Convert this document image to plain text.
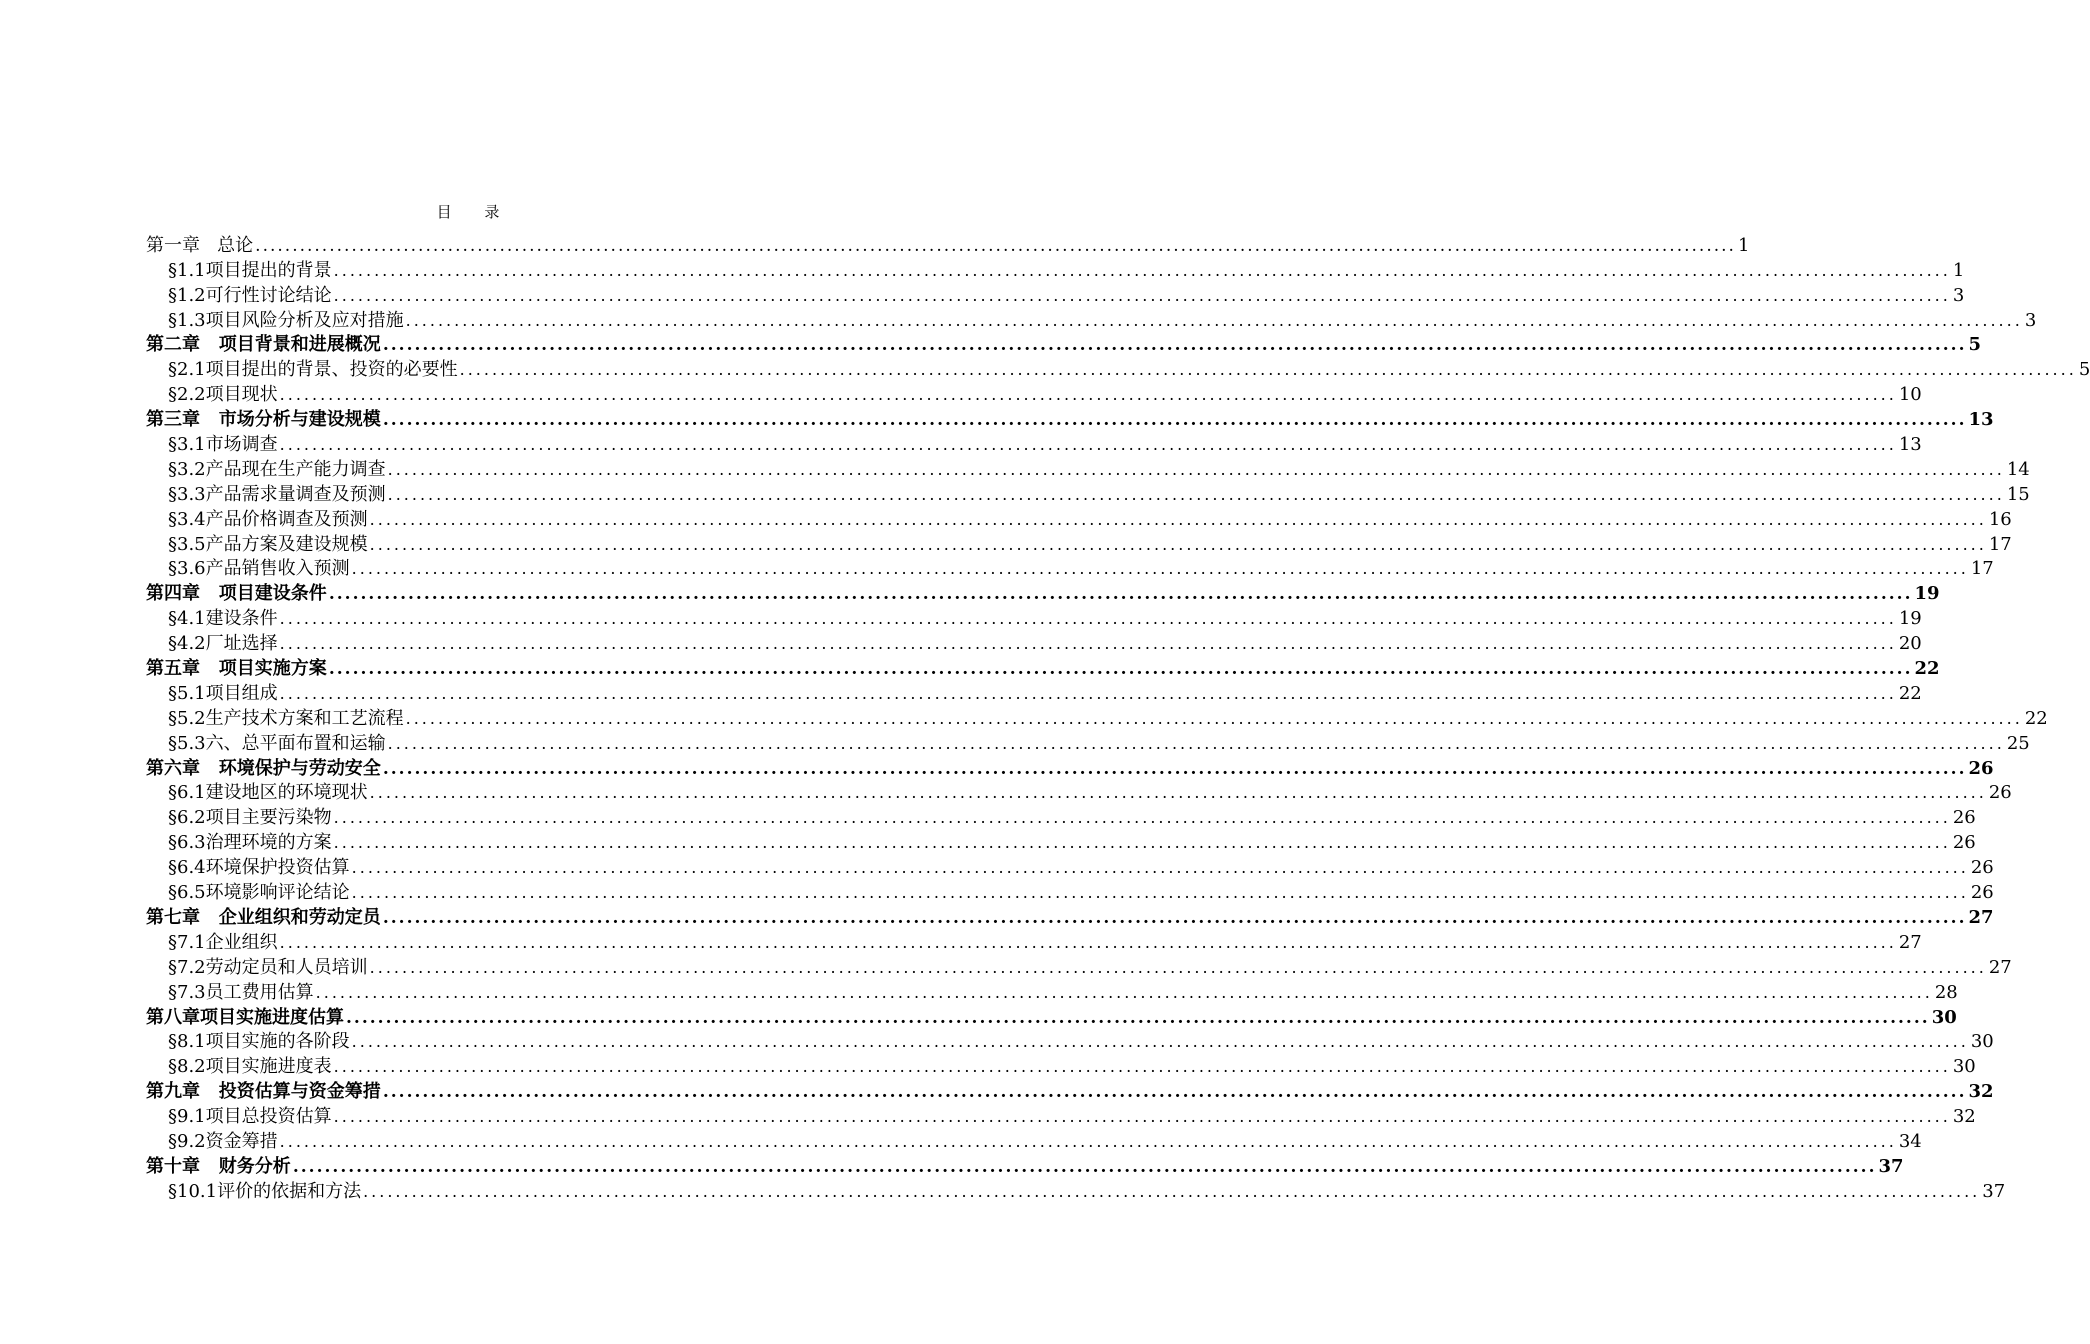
目 录
第一章   总论 ........................................................................................................................................................................................................ 1
§1.1项目提出的背景 ........................................................................................................................................................................................................ 1
§1.2可行性讨论结论 ........................................................................................................................................................................................................ 3
§1.3项目风险分析及应对措施 ........................................................................................................................................................................................................ 3
第二章   项目背景和进展概况 ........................................................................................................................................................................................................ 5
§2.1项目提出的背景、投资的必要性 ........................................................................................................................................................................................................ 5
§2.2项目现状 ........................................................................................................................................................................................................ 10
第三章   市场分析与建设规模 ........................................................................................................................................................................................................ 13
§3.1市场调查 ........................................................................................................................................................................................................ 13
§3.2产品现在生产能力调查 ........................................................................................................................................................................................................ 14
§3.3产品需求量调查及预测 ........................................................................................................................................................................................................ 15
§3.4产品价格调查及预测 ........................................................................................................................................................................................................ 16
§3.5产品方案及建设规模 ........................................................................................................................................................................................................ 17
§3.6产品销售收入预测 ........................................................................................................................................................................................................ 17
第四章   项目建设条件 ........................................................................................................................................................................................................ 19
§4.1建设条件 ........................................................................................................................................................................................................ 19
§4.2厂址选择 ........................................................................................................................................................................................................ 20
第五章   项目实施方案 ........................................................................................................................................................................................................ 22
§5.1项目组成 ........................................................................................................................................................................................................ 22
§5.2生产技术方案和工艺流程 ........................................................................................................................................................................................................ 22
§5.3六、总平面布置和运输 ........................................................................................................................................................................................................ 25
第六章   环境保护与劳动安全 ........................................................................................................................................................................................................ 26
§6.1建设地区的环境现状 ........................................................................................................................................................................................................ 26
§6.2项目主要污染物 ........................................................................................................................................................................................................ 26
§6.3治理环境的方案 ........................................................................................................................................................................................................ 26
§6.4环境保护投资估算 ........................................................................................................................................................................................................ 26
§6.5环境影响评论结论 ........................................................................................................................................................................................................ 26
第七章   企业组织和劳动定员 ........................................................................................................................................................................................................ 27
§7.1企业组织 ........................................................................................................................................................................................................ 27
§7.2劳动定员和人员培训 ........................................................................................................................................................................................................ 27
§7.3员工费用估算 ........................................................................................................................................................................................................ 28
第八章项目实施进度估算 ........................................................................................................................................................................................................ 30
§8.1项目实施的各阶段 ........................................................................................................................................................................................................ 30
§8.2项目实施进度表 ........................................................................................................................................................................................................ 30
第九章   投资估算与资金筹措 ........................................................................................................................................................................................................ 32
§9.1项目总投资估算 ........................................................................................................................................................................................................ 32
§9.2资金筹措 ........................................................................................................................................................................................................ 34
第十章   财务分析 ........................................................................................................................................................................................................ 37
§10.1评价的依据和方法 ........................................................................................................................................................................................................ 37
